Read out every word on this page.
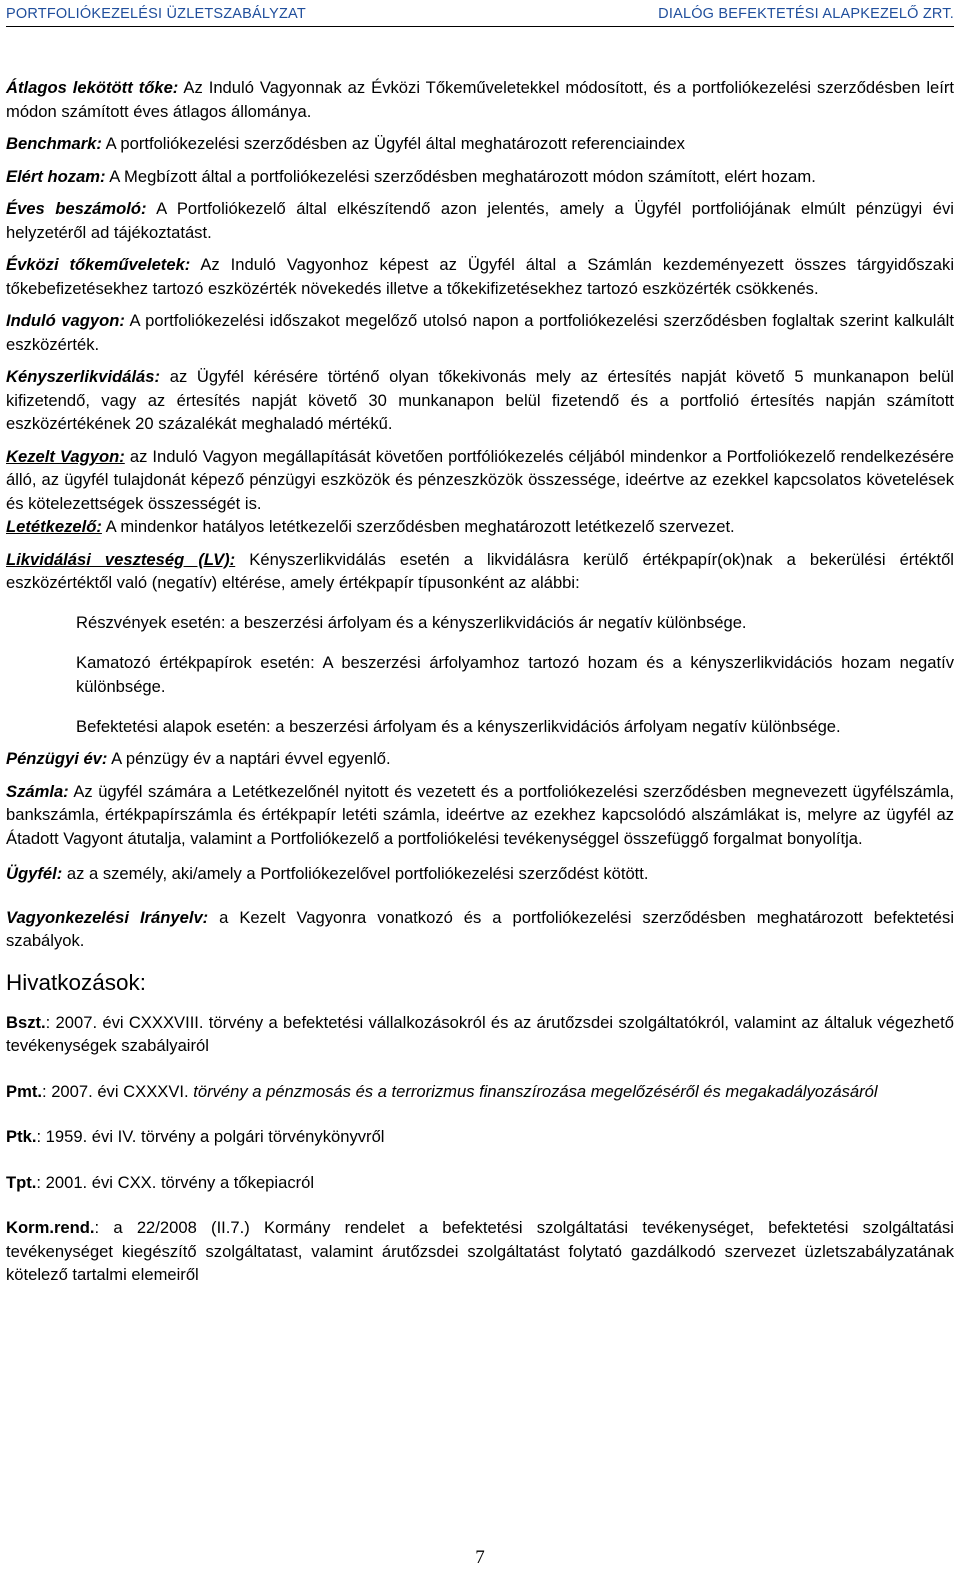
PORTFOLIÓKEZELÉSI ÜZLETSZABÁLYZAT	DIALÓG BEFEKTETÉSI ALAPKEZELŐ ZRT.

Átlagos lekötött tőke: Az Induló Vagyonnak az Évközi Tőkeműveletekkel módosított, és a portfoliókezelési szerződésben leírt módon számított éves átlagos állománya.

Benchmark: A portfoliókezelési szerződésben az Ügyfél által meghatározott referenciaindex

Elért hozam: A Megbízott által a portfoliókezelési szerződésben meghatározott módon számított, elért hozam.

Éves beszámoló: A Portfoliókezelő által elkészítendő azon jelentés, amely a Ügyfél portfoliójának elmúlt pénzügyi évi helyzetéről ad tájékoztatást.

Évközi tőkeműveletek: Az Induló Vagyonhoz képest az Ügyfél által a Számlán kezdeményezett összes tárgyidőszaki tőkebefizetésekhez tartozó eszközérték növekedés illetve a tőkekifizetésekhez tartozó eszközérték csökkenés.

Induló vagyon: A portfoliókezelési időszakot megelőző utolsó napon a portfoliókezelési szerződésben foglaltak szerint kalkulált eszközérték.

Kényszerlikvidálás: az Ügyfél kérésére történő olyan tőkekivonás mely az értesítés napját követő 5 munkanapon belül kifizetendő, vagy az értesítés napját követő 30 munkanapon belül fizetendő és a portfolió értesítés napján számított eszközértékének 20 százalékát meghaladó mértékű.

Kezelt Vagyon: az Induló Vagyon megállapítását követően portfóliókezelés céljából mindenkor a Portfoliókezelő rendelkezésére álló, az ügyfél tulajdonát képező pénzügyi eszközök és pénzeszközök összessége, ideértve az ezekkel kapcsolatos követelések és kötelezettségek összességét is.

Letétkezelő: A mindenkor hatályos letétkezelői szerződésben meghatározott letétkezelő szervezet.

Likvidálási veszteség (LV): Kényszerlikvidálás esetén a likvidálásra kerülő értékpapír(ok)nak a bekerülési értéktől eszközértéktől való (negatív) eltérése, amely értékpapír típusonként az alábbi:

Részvények esetén: a beszerzési árfolyam és a kényszerlikvidációs ár negatív különbsége.

Kamatozó értékpapírok esetén: A beszerzési árfolyamhoz tartozó hozam és a kényszerlikvidációs hozam negatív különbsége.

Befektetési alapok esetén: a beszerzési árfolyam és a kényszerlikvidációs árfolyam negatív különbsége.

Pénzügyi év: A pénzügy év a naptári évvel egyenlő.

Számla: Az ügyfél számára a Letétkezelőnél nyitott és vezetett és a portfoliókezelési szerződésben megnevezett ügyfélszámla, bankszámla, értékpapírszámla és értékpapír letéti számla, ideértve az ezekhez kapcsolódó alszámlákat is, melyre az ügyfél az Átadott Vagyont átutalja, valamint a Portfoliókezelő a portfoliókelési tevékenységgel összefüggő forgalmat bonyolítja.

Ügyfél: az a személy, aki/amely a Portfoliókezelővel portfoliókezelési szerződést kötött.

Vagyonkezelési Irányelv: a Kezelt Vagyonra vonatkozó és a portfoliókezelési szerződésben meghatározott befektetési szabályok.

Hivatkozások:

Bszt.: 2007. évi CXXXVIII. törvény a befektetési vállalkozásokról és az árutőzsdei szolgáltatókról, valamint az általuk végezhető tevékenységek szabályairól

Pmt.: 2007. évi CXXXVI. törvény a pénzmosás és a terrorizmus finanszírozása megelőzéséről és megakadályozásáról

Ptk.: 1959. évi IV. törvény a polgári törvénykönyvről

Tpt.: 2001. évi CXX. törvény a tőkepiacról

Korm.rend.: a 22/2008 (II.7.) Kormány rendelet a befektetési szolgáltatási tevékenységet, befektetési szolgáltatási tevékenységet kiegészítő szolgáltatast, valamint árutőzsdei szolgáltatást folytató gazdálkodó szervezet üzletszabályzatának kötelező tartalmi elemeiről

7
